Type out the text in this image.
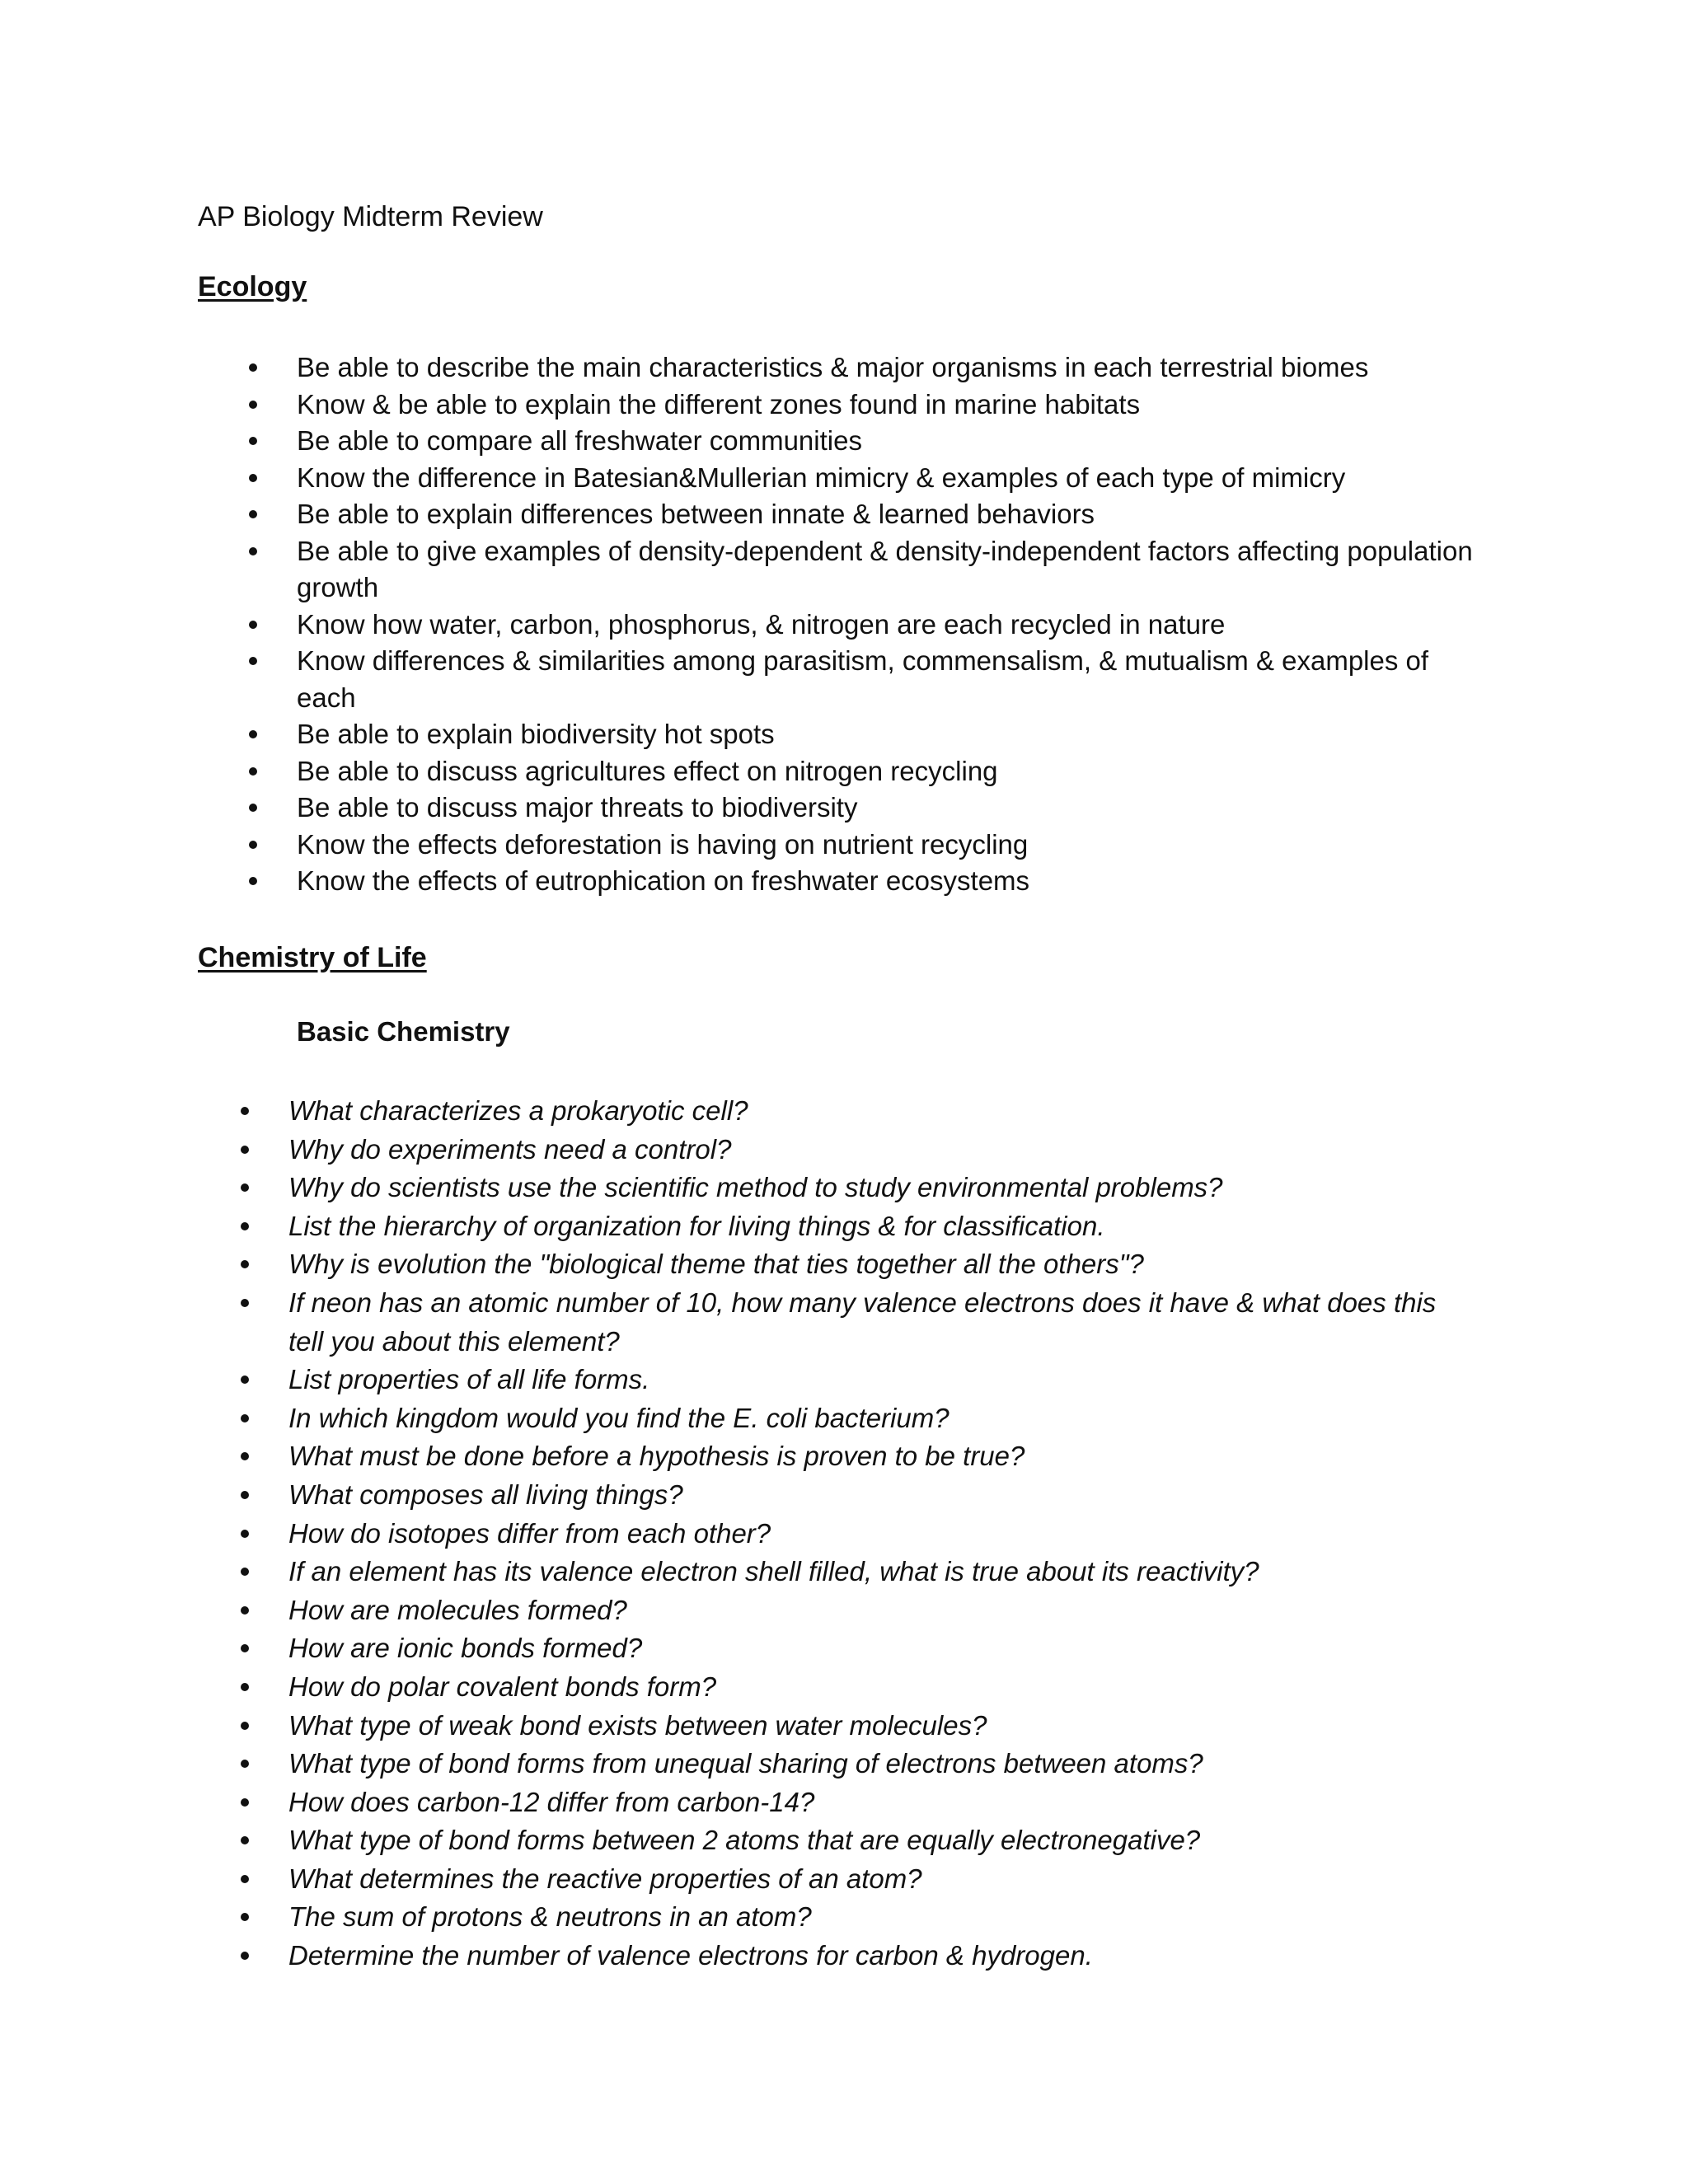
AP Biology Midterm Review
Ecology
Be able to describe the main characteristics & major organisms in each terrestrial biomes
Know & be able to explain the different zones found in marine habitats
Be able to compare all freshwater communities
Know the difference in Batesian&Mullerian mimicry & examples of each type of mimicry
Be able to explain differences between innate & learned behaviors
Be able to give examples of density-dependent & density-independent factors affecting population growth
Know how water, carbon, phosphorus, & nitrogen are each recycled in nature
Know differences & similarities among parasitism, commensalism, & mutualism & examples of each
Be able to explain biodiversity hot spots
Be able to discuss agricultures effect on nitrogen recycling
Be able to discuss major threats to biodiversity
Know the effects deforestation is having on nutrient recycling
Know the effects of eutrophication on freshwater ecosystems
Chemistry of Life
Basic Chemistry
What characterizes a prokaryotic cell?
Why do experiments need a control?
Why do scientists use the scientific method to study environmental problems?
List the hierarchy of organization for living things & for classification.
Why is evolution the "biological theme that ties together all the others"?
If neon has an atomic number of 10, how many valence electrons does it have & what does this tell you about this element?
List properties of all life forms.
In which kingdom would you find the E. coli bacterium?
What must be done before a hypothesis is proven to be true?
What composes all living things?
How do isotopes differ from each other?
If an element has its valence electron shell filled, what is true about its reactivity?
How are molecules formed?
How are ionic bonds formed?
How do polar covalent bonds form?
What type of weak bond exists between water molecules?
What type of bond forms from unequal sharing of electrons between atoms?
How does carbon-12 differ from carbon-14?
What type of bond forms between 2 atoms that are equally electronegative?
What determines the reactive properties of an atom?
The sum of protons & neutrons in an atom?
Determine the number of valence electrons for carbon & hydrogen.
